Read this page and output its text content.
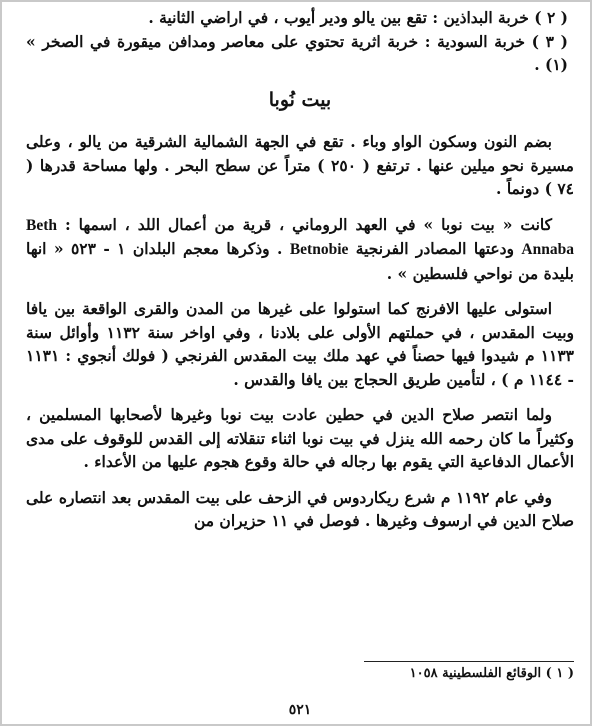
( ٢ ) خربة البداذين : تقع بين يالو ودير أيوب ، في اراضي الثانية .

( ٣ ) خربة السودية : خربة اثرية تحتوي على معاصر ومدافن ميقورة في الصخر » (١) .

بيت نُوبا

بضم النون وسكون الواو وباء . تقع في الجهة الشمالية الشرقية من يالو ، وعلى مسيرة نحو ميلين عنها . ترتفع ( ٢٥٠ ) متراً عن سطح البحر . ولها مساحة قدرها ( ٧٤ ) دونماً .

كانت « بيت نوبا » في العهد الروماني ، قرية من أعمال اللد ، اسمها : Beth Annaba ودعتها المصادر الفرنجية Betnobie . وذكرها معجم البلدان ١ - ٥٢٣ « انها بليدة من نواحي فلسطين » .

استولى عليها الافرنج كما استولوا على غيرها من المدن والقرى الواقعة بين يافا وبيت المقدس ، في حملتهم الأولى على بلادنا ، وفي اواخر سنة ١١٣٢ وأوائل سنة ١١٣٣ م شيدوا فيها حصناً في عهد ملك بيت المقدس الفرنجي ( فولك أنجوي : ١١٣١ - ١١٤٤ م ) ، لتأمين طريق الحجاج بين يافا والقدس .

ولما انتصر صلاح الدين في حطين عادت بيت نوبا وغيرها لأصحابها المسلمين ، وكثيراً ما كان رحمه الله ينزل في بيت نوبا اثناء تنقلاته إلى القدس للوقوف على مدى الأعمال الدفاعية التي يقوم بها رجاله في حالة وقوع هجوم عليها من الأعداء .

وفي عام ١١٩٢ م شرع ريكاردوس في الزحف على بيت المقدس بعد انتصاره على صلاح الدين في ارسوف وغيرها . فوصل في ١١ حزيران من

( ١ ) الوقائع الفلسطينية ١٠٥٨
٥٢١
